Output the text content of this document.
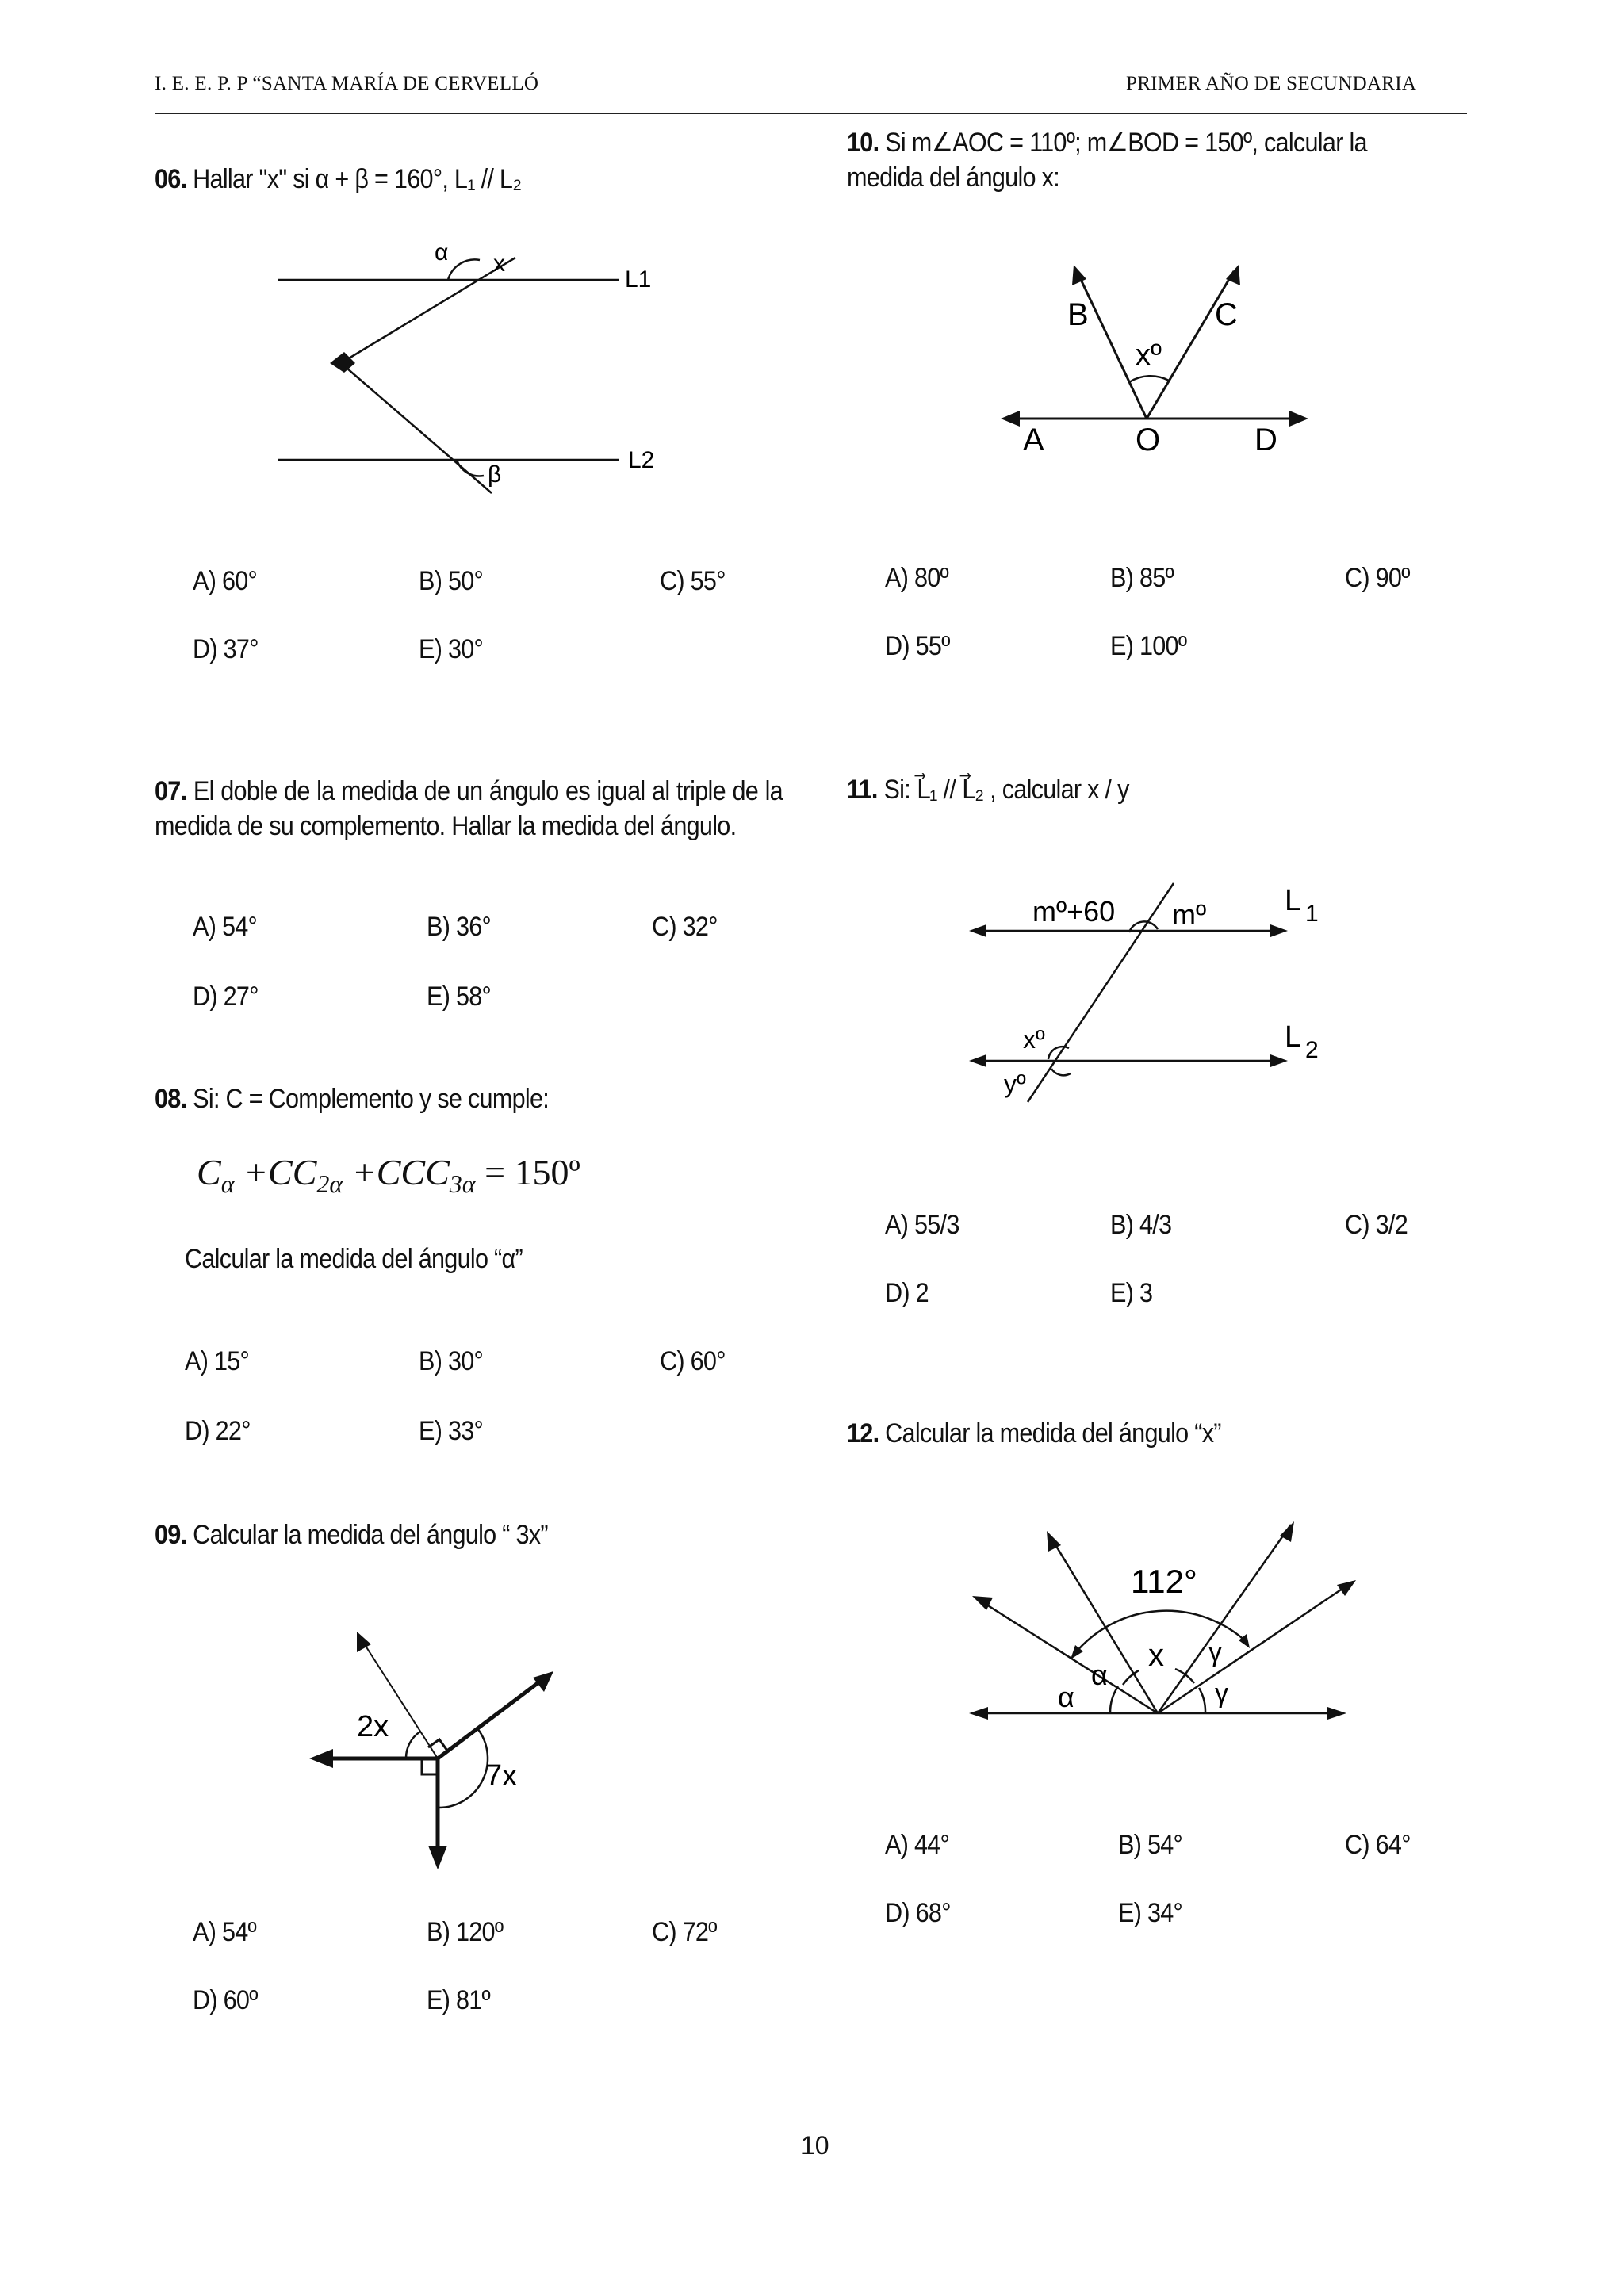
I. E. E. P. P “SANTA MARÍA DE CERVELLÓ	PRIMER AÑO DE SECUNDARIA
06. Hallar "x" si α + β = 160°, L₁ // L₂
α x
β
L1
L2
A) 60°	B) 50°	C) 55°
D) 37°	E) 30°
07. El doble de la medida de un ángulo es igual al triple de la medida de su complemento. Hallar la medida del ángulo.
A) 54°	B) 36°	C) 32°
D) 27°	E) 58°
08. Si: C = Complemento y se cumple:
$C_\alpha +CC_{2\alpha} +CCC_{3\alpha}$ = 150º
Calcular la medida del ángulo “α”
A) 15°	B) 30°	C) 60°
D) 22°	E) 33°
09. Calcular la medida del ángulo “ 3x”
2x
7x
A) 54º	B) 120º	C) 72º
D) 60º	E) 81º
10. Si m∠AOC = 110º; m∠BOD = 150º, calcular la medida del ángulo x:
A	O	D
B	C
xº
A) 80º	B) 85º	C) 90º
D) 55º	E) 100º
11. Si: L⃗₁ // L⃗₂ , calcular x / y
mº+60 mº	L 1
L 2
xº
yº
A) 55/3	B) 4/3	C) 3/2
D) 2	E) 3
12. Calcular la medida del ángulo “x”
112°
x
α
α
γ
γ
A) 44°	B) 54°	C) 64°
D) 68°	E) 34°
10
